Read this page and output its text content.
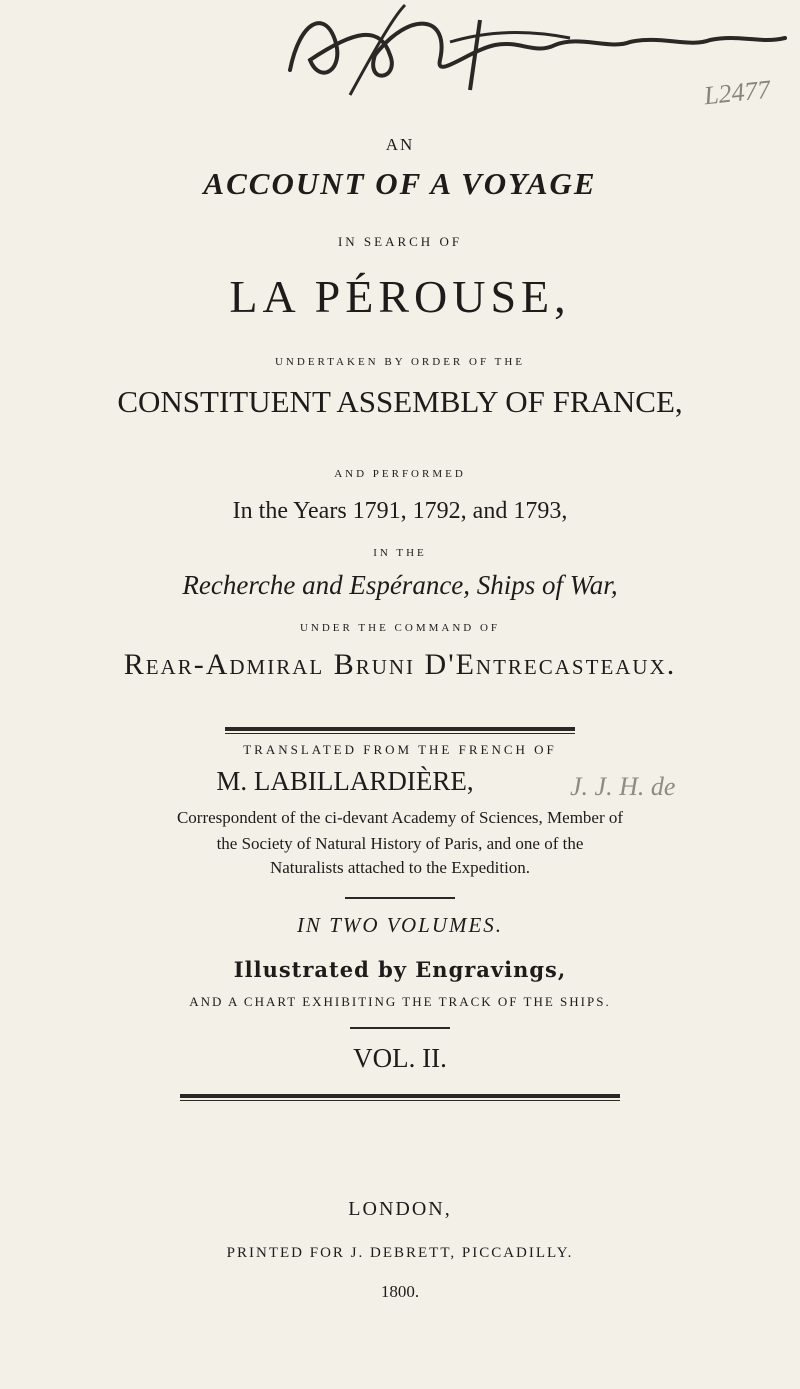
L2477
AN
ACCOUNT OF A VOYAGE
IN SEARCH OF
LA PÉROUSE,
UNDERTAKEN BY ORDER OF THE
CONSTITUENT ASSEMBLY OF FRANCE,
AND PERFORMED
In the Years 1791, 1792, and 1793,
IN THE
Recherche and Espérance, Ships of War,
UNDER THE COMMAND OF
Rear-Admiral Bruni D'Entrecasteaux.
TRANSLATED FROM THE FRENCH OF
M. LABILLARDIÈRE,	J. J. H. de
Correspondent of the ci-devant Academy of Sciences, Member of
the Society of Natural History of Paris, and one of the
Naturalists attached to the Expedition.
IN TWO VOLUMES.
Illustrated by Engravings,
AND A CHART EXHIBITING THE TRACK OF THE SHIPS.
VOL. II.
LONDON,
PRINTED FOR J. DEBRETT, PICCADILLY.
1800.
